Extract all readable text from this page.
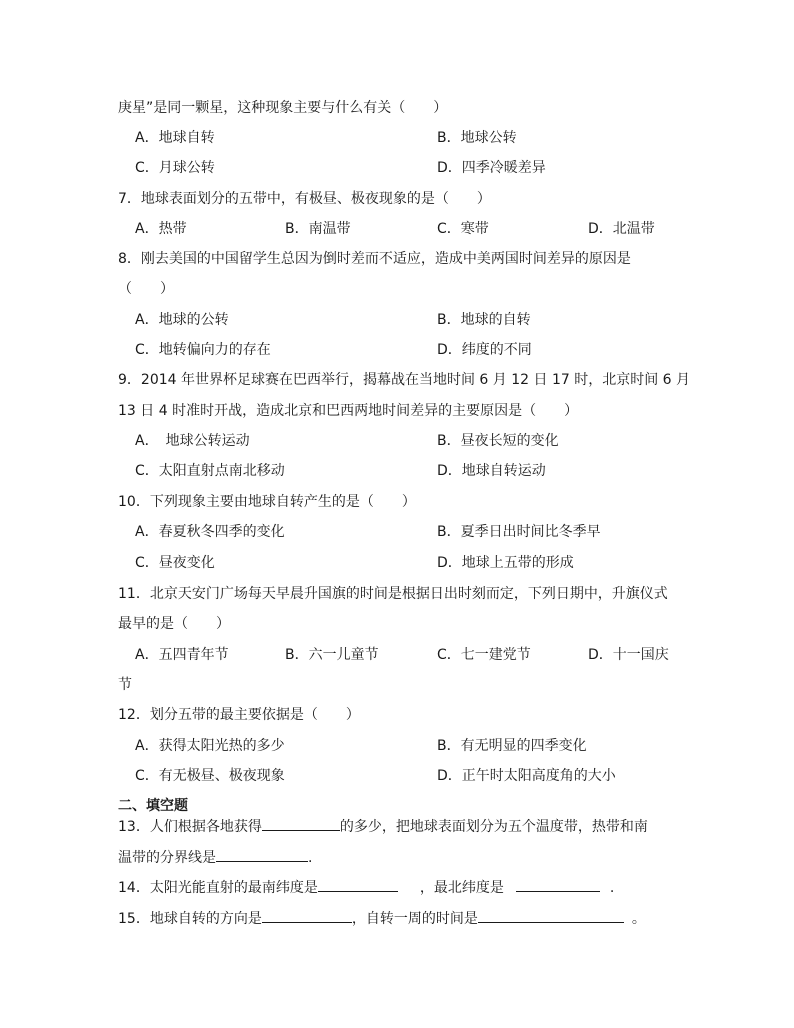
庚星”是同一颗星，这种现象主要与什么有关（　　）
A．地球自转	B．地球公转
C．月球公转	D．四季冷暖差异
7．地球表面划分的五带中，有极昼、极夜现象的是（　　）
A．热带	B．南温带	C．寒带	D．北温带
8．刚去美国的中国留学生总因为倒时差而不适应，造成中美两国时间差异的原因是
（　　）
A．地球的公转	B．地球的自转
C．地转偏向力的存在	D．纬度的不同
9．2014 年世界杯足球赛在巴西举行，揭幕战在当地时间 6 月 12 日 17 时，北京时间 6 月
13 日 4 时准时开战，造成北京和巴西两地时间差异的主要原因是（　　）
A．　地球公转运动	B．昼夜长短的变化
C．太阳直射点南北移动	D．地球自转运动
10．下列现象主要由地球自转产生的是（　　）
A．春夏秋冬四季的变化	B．夏季日出时间比冬季早
C．昼夜变化	D．地球上五带的形成
11．北京天安门广场每天早晨升国旗的时间是根据日出时刻而定，下列日期中，升旗仪式
最早的是（　　）
A．五四青年节	B．六一儿童节	C．七一建党节	D．十一国庆
节
12．划分五带的最主要依据是（　　）
A．获得太阳光热的多少	B．有无明显的四季变化
C．有无极昼、极夜现象	D．正午时太阳高度角的大小
二、填空题
13．人们根据各地获得	的多少，把地球表面划分为五个温度带，热带和南
温带的分界线是	.
14．太阳光能直射的最南纬度是	，最北纬度是	.
15．地球自转的方向是	，自转一周的时间是	。
